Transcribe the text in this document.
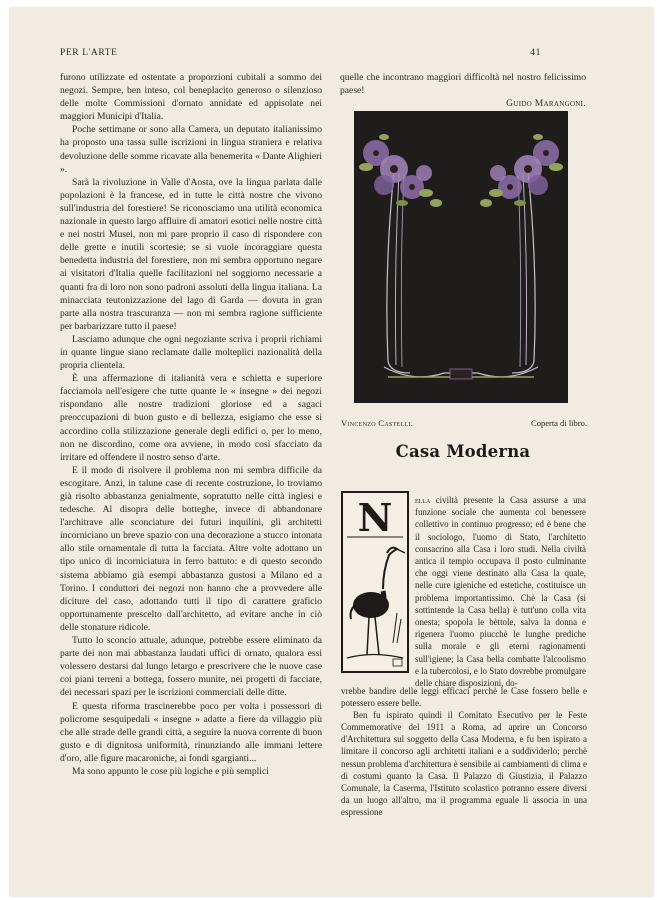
PER L'ARTE	41

furono utilizzate ed ostentate a proporzioni cubitali a sommo dei negozi. Sempre, ben inteso, col beneplacito generoso o silenzioso delle molte Commissioni d'ornato annidate ed appisolate nei maggiori Municipi d'Italia.

Poche settimane or sono alla Camera, un deputato italianissimo ha proposto una tassa sulle iscrizioni in lingua straniera e relativa devoluzione delle somme ricavate alla benemerita « Dante Alighieri ».

Sarà la rivoluzione in Valle d'Aosta, ove la lingua parlata dalle popolazioni è la francese, ed in tutte le città nostre che vivono sull'industria del forestiere! Se riconosciamo una utilità economica nazionale in questo largo affluire di amatori esotici nelle nostre città e nei nostri Musei, non mi pare proprio il caso di rispondere con delle grette e inutili scortesie; se si vuole incoraggiare questa benedetta industria del forestiere, non mi sembra opportuno negare ai visitatori d'Italia quelle facilitazioni nel soggiorno necessarie a quanti fra di loro non sono padroni assoluti della lingua italiana. La minacciata teutonizzazione del lago di Garda — dovuta in gran parte alla nostra trascuranza — non mi sembra ragione sufficiente per barbarizzare tutto il paese!

Lasciamo adunque che ogni negoziante scriva i proprii richiami in quante lingue siano reclamate dalle molteplici nazionalità della propria clientela.

È una affermazione di italianità vera e schietta e superiore facciamola nell'esigere che tutte quante le « insegne » dei negozi rispondano alle nostre tradizioni gloriose ed a sagaci preoccupazioni di buon gusto e di bellezza, esigiamo che esse si accordino colla stilizzazione generale degli edifici o, per lo meno, non ne discordino, come ora avviene, in modo così sfacciato da irritare ed offendere il nostro senso d'arte.

E il modo di risolvere il problema non mi sembra difficile da escogitare. Anzi, in talune case di recente costruzione, lo troviamo già risolto abbastanza genialmente, sopratutto nelle città inglesi e tedesche. Al disopra delle botteghe, invece di abbandonare l'architrave alle sconciature dei futuri inquilini, gli architetti incorniciano un breve spazio con una decorazione a stucco intonata allo stile ornamentale di tutta la facciata. Altre volte adottano un tipo unico di incorniciatura in ferro battuto: e di questo secondo sistema abbiamo già esempi abbastanza gustosi a Milano ed a Torino. I conduttori dei negozi non hanno che a provvedere alle diciture del caso, adottando tutti il tipo di carattere graficio opportunamente prescelto dall'architetto, ad evitare anche in ciò delle stonature ridicole.

Tutto lo sconcio attuale, adunque, potrebbe essere eliminato da parte dei non mai abbastanza laudati uffici di ornato, qualora essi volessero destarsi dal lungo letargo e prescrivere che le nuove case coi piani terreni a bottega, fossero munite, nei progetti di facciate, dei necessari spazi per le iscrizioni commerciali delle ditte.

E questa riforma trascinerebbe poco per volta i possessori di policrome sesquipedali « insegne » adatte a fiere da villaggio più che alle strade delle grandi città, a seguire la nuova corrente di buon gusto e di dignitosa uniformità, rinunziando alle immani lettere d'oro, alle figure macaroniche, ai fondi sgargianti...

Ma sono appunto le cose più logiche e più semplici

quelle che incontrano maggiori difficoltà nel nostro felicissimo paese!

Guido Marangoni.
Vincenzo Castelli.	Coperta di libro.
Casa Moderna
N	ella civiltà presente la Casa assurse a una funzione sociale che aumenta col benessere collettivo in continuo progresso; ed è bene che il sociologo, l'uomo di Stato, l'architetto consacrino alla Casa i loro studi. Nella civiltà antica il tempio occupava il posto culminante che oggi viene destinato alla Casa la quale, nelle cure igieniche ed estetiche, costituisce un problema importantissimo. Chè la Casa (si sottintende la Casa bella) è tutt'uno colla vita onesta; spopola le bèttole, salva la donna e rigenera l'uomo piucchè le lunghe prediche sulla morale e gli eterni ragionamenti sull'igiene; la Casa bella combatte l'alcoolismo e la tubercolosi, e lo Stato dovrebbe promulgare delle chiare disposizioni, do-

vrebbe bandire delle leggi efficaci perchè le Case fossero belle e potessero essere belle.

Ben fu ispirato quindi il Comitato Esecutivo per le Feste Commemorative del 1911 a Roma, ad aprire un Concorso d'Architettura sul soggetto della Casa Moderna, e fu ben ispirato a limitare il concorso agli architetti italiani e a suddividerlo; perchè nessun problema d'architettura è sensibile ai cambiamenti di clima e di costumi quanto la Casa. Il Palazzo di Giustizia, il Palazzo Comunale, la Caserma, l'Istituto scolastico potranno essere diversi da un luogo all'altro, ma il programma eguale li associa in una espressione
